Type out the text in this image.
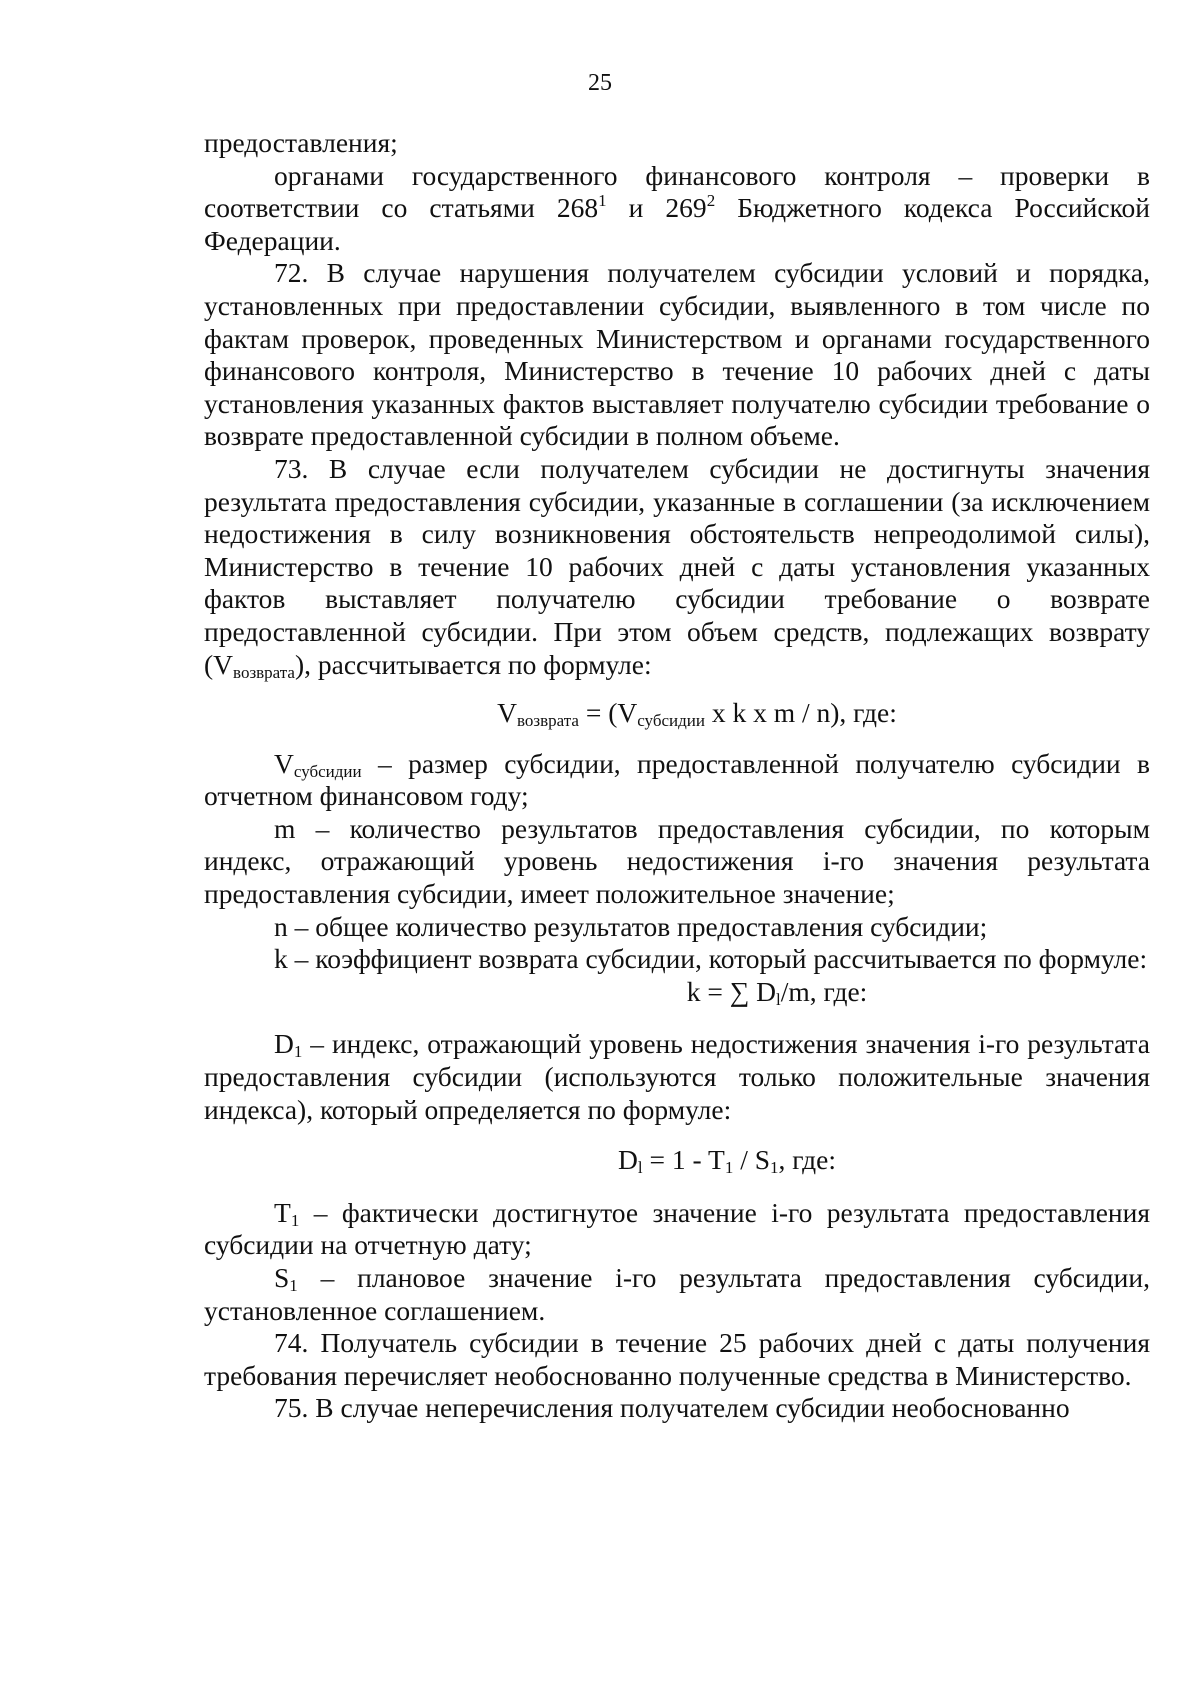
25

предоставления;

органами государственного финансового контроля – проверки в соответствии со статьями $268^1$ и $269^2$ Бюджетного кодекса Российской Федерации.

72. В случае нарушения получателем субсидии условий и порядка, установленных при предоставлении субсидии, выявленного в том числе по фактам проверок, проведенных Министерством и органами государственного финансового контроля, Министерство в течение 10 рабочих дней с даты установления указанных фактов выставляет получателю субсидии требование о возврате предоставленной субсидии в полном объеме.

73. В случае если получателем субсидии не достигнуты значения результата предоставления субсидии, указанные в соглашении (за исключением недостижения в силу возникновения обстоятельств непреодолимой силы), Министерство в течение 10 рабочих дней с даты установления указанных фактов выставляет получателю субсидии требование о возврате предоставленной субсидии. При этом объем средств, подлежащих возврату $(V_{возврата})$, рассчитывается по формуле:

$V_{возврата} = (V_{субсидии}$ x k x m / n), где:

$V_{субсидии}$ – размер субсидии, предоставленной получателю субсидии в отчетном финансовом году;

m – количество результатов предоставления субсидии, по которым индекс, отражающий уровень недостижения i-го значения результата предоставления субсидии, имеет положительное значение;

n – общее количество результатов предоставления субсидии;

k – коэффициент возврата субсидии, который рассчитывается по формуле:

k = ∑ $D_l/m$, где:

$D_1$ – индекс, отражающий уровень недостижения значения i-го результата предоставления субсидии (используются только положительные значения индекса), который определяется по формуле:

$D_l = 1 - T_1 / S_1$, где:

$T_1$ – фактически достигнутое значение i-го результата предоставления субсидии на отчетную дату;

$S_1$ – плановое значение i-го результата предоставления субсидии, установленное соглашением.

74. Получатель субсидии в течение 25 рабочих дней с даты получения требования перечисляет необоснованно полученные средства в Министерство.

75. В случае неперечисления получателем субсидии необоснованно
